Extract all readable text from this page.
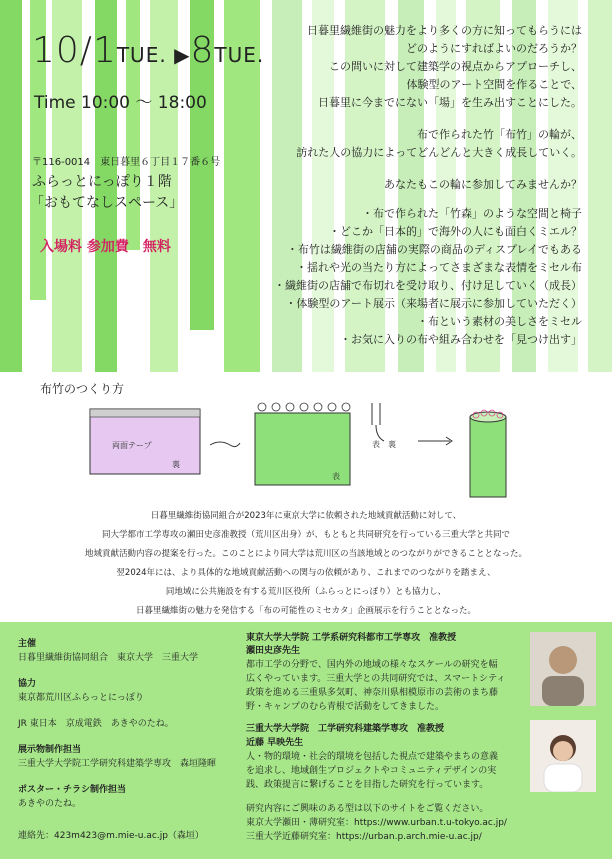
10/1TUE. ▶8TUE.
Time 10:00 ～ 18:00
〒116-0014　東日暮里６丁目１７番６号
ふらっとにっぽり１階
「おもてなしスペース」
入場料 参加費　無料
日暮里繊維街の魅力をより多くの方に知ってもらうには
どのようにすればよいのだろうか？
この問いに対して建築学の視点からアプローチし、
体験型のアート空間を作ることで、
日暮里に今までにない「場」を生み出すことにした。
布で作られた竹「布竹」の輪が、
訪れた人の協力によってどんどんと大きく成長していく。
あなたもこの輪に参加してみませんか？
・布で作られた「竹森」のような空間と椅子
・どこか「日本的」で海外の人にも面白くミエル？
・布竹は繊維街の店舗の実際の商品のディスプレイでもある
・揺れや光の当たり方によってさまざまな表情をミセル布
・繊維街の店舗で布切れを受け取り、付け足していく（成長）
・体験型のアート展示（来場者に展示に参加していただく）
・布という素材の美しさをミセル
・お気に入りの布や組み合わせを「見つけ出す」
布竹のつくり方
両面テープ
裏
表
表　裏
日暮里繊維街協同組合が2023年に東京大学に依頼された地域貢献活動に対して、
同大学都市工学専攻の瀬田史彦准教授（荒川区出身）が、もともと共同研究を行っている三重大学と共同で
地域貢献活動内容の提案を行った。このことにより同大学は荒川区の当該地域とのつながりができることとなった。
翌2024年には、より具体的な地域貢献活動への関与の依頼があり、これまでのつながりを踏まえ、
同地域に公共施設を有する荒川区役所（ふらっとにっぽり）とも協力し、
日暮里繊維街の魅力を発信する「布の可能性のミセカタ」企画展示を行うこととなった。
主催
日暮里繊維街協同組合　東京大学　三重大学
協力
東京都荒川区ふらっとにっぽり
JR 東日本　京成電鉄　あきやのたね。
展示物制作担当
三重大学大学院工学研究科建築学専攻　森垣隆暉
ポスター・チラシ制作担当
あきやのたね。
連絡先：423m423@m.mie-u.ac.jp（森垣）
東京大学大学院 工学系研究科都市工学専攻　准教授
瀬田史彦先生
都市工学の分野で、国内外の地域の様々なスケールの研究を幅
広くやっています。三重大学との共同研究では、スマートシティ
政策を進める三重県多気町、神奈川県相模原市の芸術のまち藤
野・キャンプのむら青根で活動をしてきました。
三重大学大学院　工学研究科建築学専攻　准教授
近藤 早映先生
人・物的環境・社会的環境を包括した視点で建築やまちの意義
を追求し、地域創生プロジェクトやコミュニティデザインの実
践、政策提言に繋げることを目指した研究を行っています。
研究内容にご興味のある型は以下のサイトをご覧ください。
東京大学瀬田・薄研究室：https://www.urban.t.u-tokyo.ac.jp/
三重大学近藤研究室：https://urban.p.arch.mie-u.ac.jp/
